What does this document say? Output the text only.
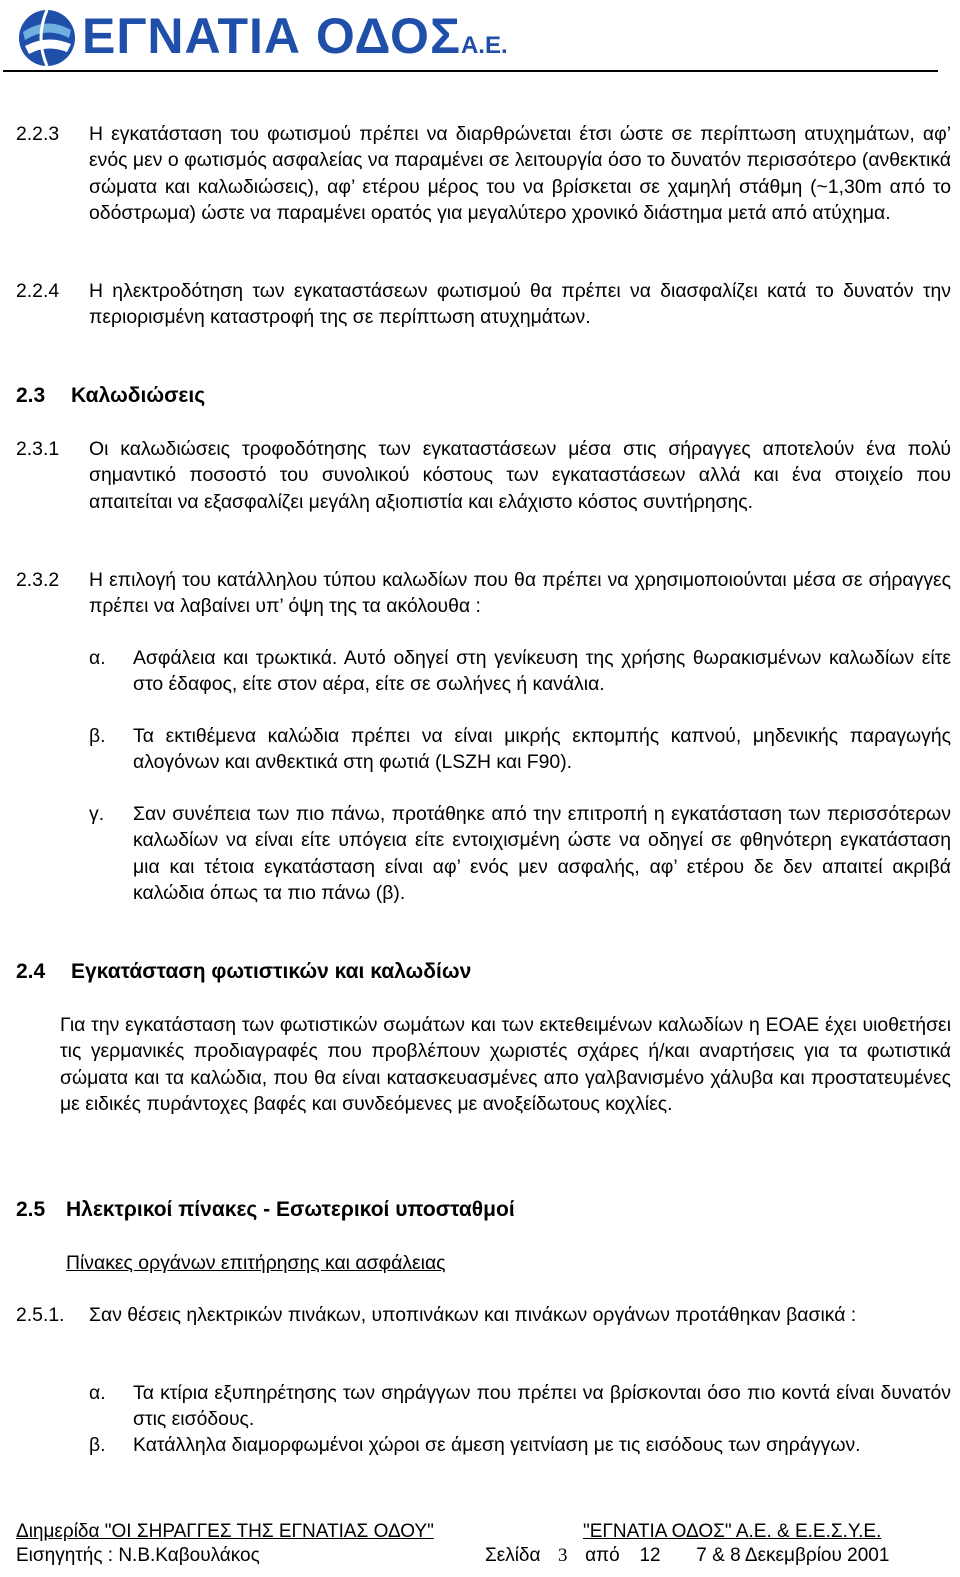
ΕΓΝΑΤΙΑ ΟΔΟΣΑ.Ε.
2.2.3 Η εγκατάσταση του φωτισμού πρέπει να διαρθρώνεται έτσι ώστε σε περίπτωση ατυχημάτων, αφ’ ενός μεν ο φωτισμός ασφαλείας να παραμένει σε λειτουργία όσο το δυνατόν περισσότερο (ανθεκτικά σώματα και καλωδιώσεις), αφ’ ετέρου μέρος του να βρίσκεται σε χαμηλή στάθμη (~1,30m από το οδόστρωμα) ώστε να παραμένει ορατός για μεγαλύτερο χρονικό διάστημα μετά από ατύχημα.
2.2.4 Η ηλεκτροδότηση των εγκαταστάσεων φωτισμού θα πρέπει να διασφαλίζει κατά το δυνατόν την περιορισμένη καταστροφή της σε περίπτωση ατυχημάτων.
2.3 Καλωδιώσεις
2.3.1 Οι καλωδιώσεις τροφοδότησης των εγκαταστάσεων μέσα στις σήραγγες αποτελούν ένα πολύ σημαντικό ποσοστό του συνολικού κόστους των εγκαταστάσεων αλλά και ένα στοιχείο που απαιτείται να εξασφαλίζει μεγάλη αξιοπιστία και ελάχιστο κόστος συντήρησης.
2.3.2 Η επιλογή του κατάλληλου τύπου καλωδίων που θα πρέπει να χρησιμοποιούνται μέσα σε σήραγγες πρέπει να λαβαίνει υπ’ όψη της τα ακόλουθα :
α. Ασφάλεια και τρωκτικά. Αυτό οδηγεί στη γενίκευση της χρήσης θωρακισμένων καλωδίων είτε στο έδαφος, είτε στον αέρα, είτε σε σωλήνες ή κανάλια.
β. Τα εκτιθέμενα καλώδια πρέπει να είναι μικρής εκπομπής καπνού, μηδενικής παραγωγής αλογόνων και ανθεκτικά στη φωτιά (LSZH και F90).
γ. Σαν συνέπεια των πιο πάνω, προτάθηκε από την επιτροπή η εγκατάσταση των περισσότερων καλωδίων να είναι είτε υπόγεια είτε εντοιχισμένη ώστε να οδηγεί σε φθηνότερη εγκατάσταση μια και τέτοια εγκατάσταση είναι αφ’ ενός μεν ασφαλής, αφ’ ετέρου δε δεν απαιτεί ακριβά καλώδια όπως τα πιο πάνω (β).
2.4 Εγκατάσταση φωτιστικών και καλωδίων
Για την εγκατάσταση των φωτιστικών σωμάτων και των εκτεθειμένων καλωδίων η ΕΟΑΕ έχει υιοθετήσει τις γερμανικές προδιαγραφές που προβλέπουν χωριστές σχάρες ή/και αναρτήσεις για τα φωτιστικά σώματα και τα καλώδια, που θα είναι κατασκευασμένες απο γαλβανισμένο χάλυβα και προστατευμένες με ειδικές πυράντοχες βαφές και συνδεόμενες με ανοξείδωτους κοχλίες.
2.5 Ηλεκτρικοί πίνακες - Εσωτερικοί υποσταθμοί
Πίνακες οργάνων επιτήρησης και ασφάλειας
2.5.1. Σαν θέσεις ηλεκτρικών πινάκων, υποπινάκων και πινάκων οργάνων προτάθηκαν βασικά :
α. Τα κτίρια εξυπηρέτησης των σηράγγων που πρέπει να βρίσκονται όσο πιο κοντά είναι δυνατόν στις εισόδους.
β. Κατάλληλα διαμορφωμένοι χώροι σε άμεση γειτνίαση με τις εισόδους των σηράγγων.
Διημερίδα "ΟΙ ΣΗΡΑΓΓΕΣ ΤΗΣ ΕΓΝΑΤΙΑΣ ΟΔΟΥ"	"ΕΓΝΑΤΙΑ ΟΔΟΣ" Α.Ε. & Ε.Ε.Σ.Υ.Ε.
Εισηγητής : Ν.Β.Καβουλάκος	Σελίδα 3 από 12 7 & 8 Δεκεμβρίου 2001
